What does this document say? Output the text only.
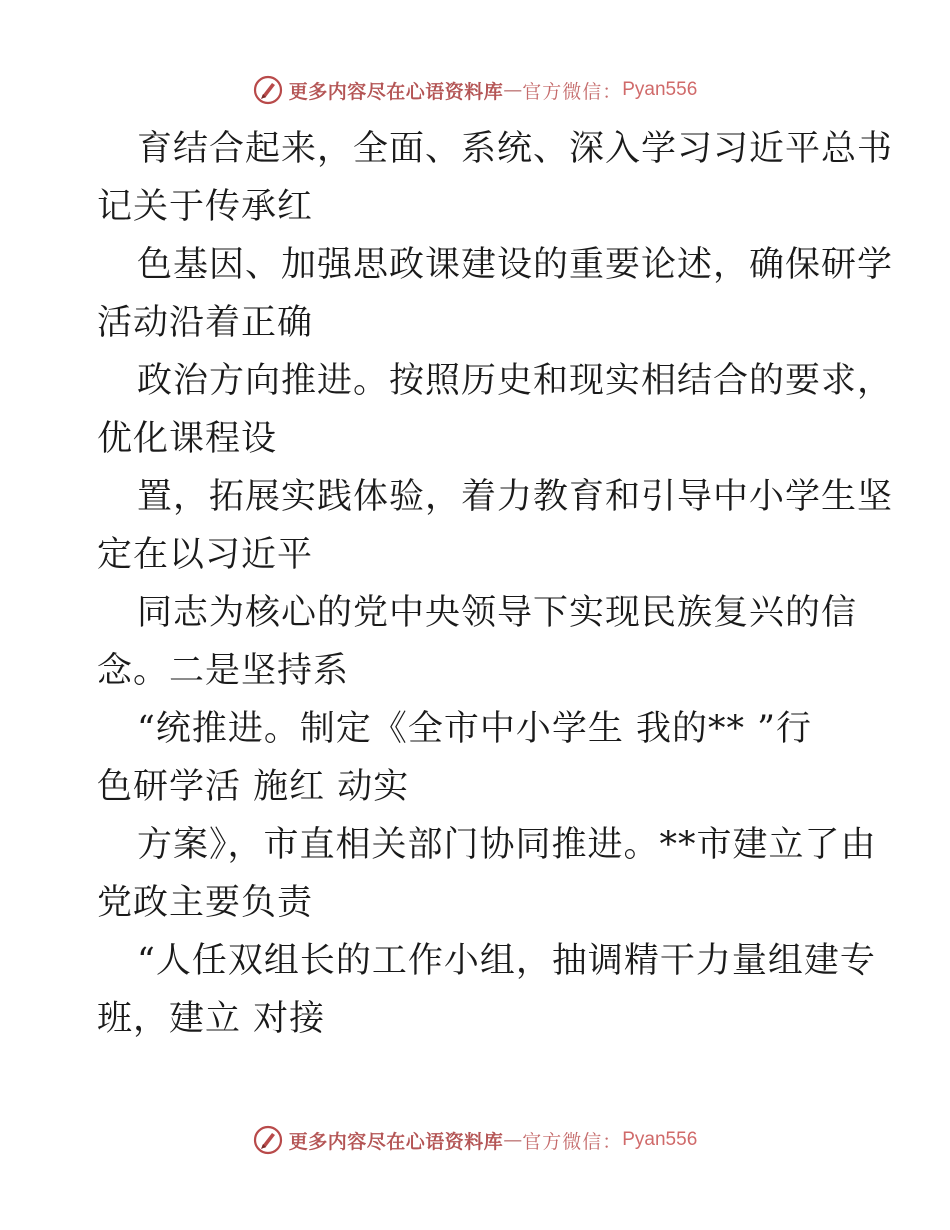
更多内容尽在心语资料库 — 官方微信： Pyan556
育结合起来，全面、系统、深入学习习近平总书
记关于传承红
色基因、加强思政课建设的重要论述，确保研学
活动沿着正确
政治方向推进。按照历史和现实相结合的要求，
优化课程设
置，拓展实践体验，着力教育和引导中小学生坚
定在以习近平
同志为核心的党中央领导下实现民族复兴的信
念。二是坚持系
“统推进。制定《全市中小学生 我的** ”行
色研学活 施红 动实
方案》，市直相关部门协同推进。**市建立了由
党政主要负责
“人任双组长的工作小组，抽调精干力量组建专
班，建立 对接
更多内容尽在心语资料库 — 官方微信： Pyan556
